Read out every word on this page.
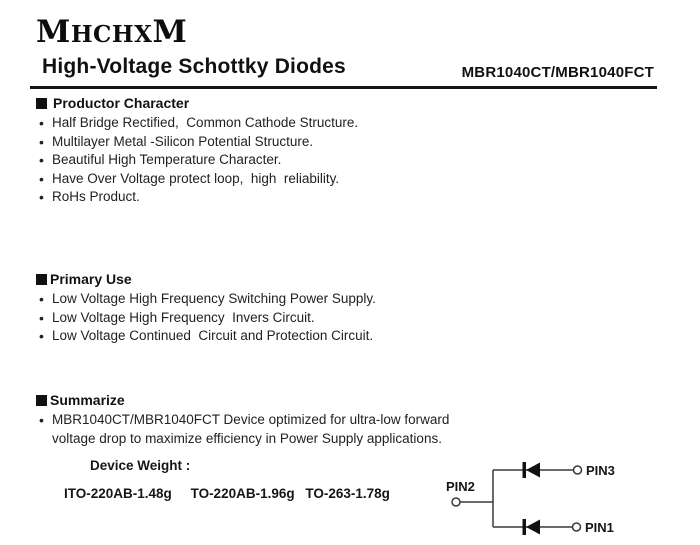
MHCHXM
High-Voltage Schottky Diodes	MBR1040CT/MBR1040FCT
Productor Character
• Half Bridge Rectified,  Common Cathode Structure.
• Multilayer Metal -Silicon Potential Structure.
• Beautiful High Temperature Character.
• Have Over Voltage protect loop,  high  reliability.
• RoHs Product.
Primary Use
• Low Voltage High Frequency Switching Power Supply.
• Low Voltage High Frequency  Invers Circuit.
• Low Voltage Continued  Circuit and Protection Circuit.
Summarize
• MBR1040CT/MBR1040FCT Device optimized for ultra-low forward voltage drop to maximize efficiency in Power Supply applications.
Device Weight :
ITO-220AB-1.48g TO-220AB-1.96g TO-263-1.78g	PIN2
PIN3
PIN1
